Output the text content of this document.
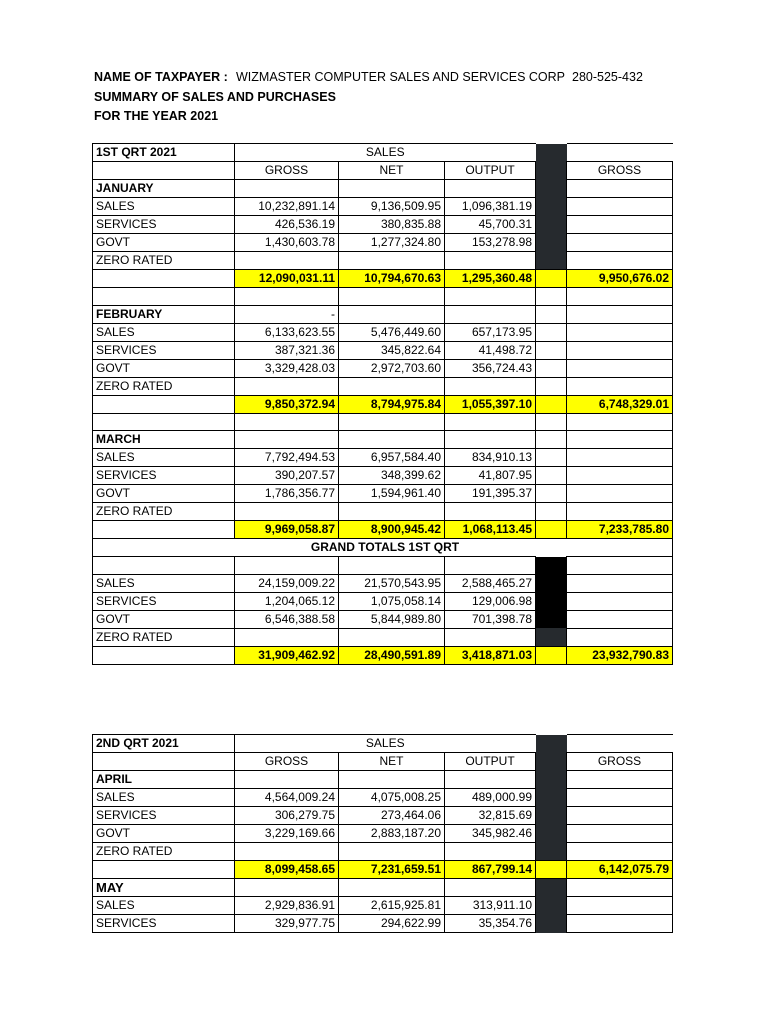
NAME OF TAXPAYER : WIZMASTER COMPUTER SALES AND SERVICES CORP 280-525-432
SUMMARY OF SALES AND PURCHASES
FOR THE YEAR 2021
1ST QRT 2021	SALES				
	GROSS	NET	OUTPUT		GROSS
JANUARY					
SALES	10,232,891.14	9,136,509.95	1,096,381.19		
SERVICES	426,536.19	380,835.88	45,700.31		
GOVT	1,430,603.78	1,277,324.80	153,278.98		
ZERO RATED					
	12,090,031.11	10,794,670.63	1,295,360.48		9,950,676.02

FEBRUARY	-				
SALES	6,133,623.55	5,476,449.60	657,173.95		
SERVICES	387,321.36	345,822.64	41,498.72		
GOVT	3,329,428.03	2,972,703.60	356,724.43		
ZERO RATED					
	9,850,372.94	8,794,975.84	1,055,397.10		6,748,329.01

MARCH					
SALES	7,792,494.53	6,957,584.40	834,910.13		
SERVICES	390,207.57	348,399.62	41,807.95		
GOVT	1,786,356.77	1,594,961.40	191,395.37		
ZERO RATED					
	9,969,058.87	8,900,945.42	1,068,113.45		7,233,785.80
	GRAND TOTALS 1ST QRT				

SALES	24,159,009.22	21,570,543.95	2,588,465.27		
SERVICES	1,204,065.12	1,075,058.14	129,006.98		
GOVT	6,546,388.58	5,844,989.80	701,398.78		
ZERO RATED					
	31,909,462.92	28,490,591.89	3,418,871.03		23,932,790.83
2ND QRT 2021	SALES				
	GROSS	NET	OUTPUT		GROSS
APRIL					
SALES	4,564,009.24	4,075,008.25	489,000.99		
SERVICES	306,279.75	273,464.06	32,815.69		
GOVT	3,229,169.66	2,883,187.20	345,982.46		
ZERO RATED					
	8,099,458.65	7,231,659.51	867,799.14		6,142,075.79
MAY					
SALES	2,929,836.91	2,615,925.81	313,911.10		
SERVICES	329,977.75	294,622.99	35,354.76		
